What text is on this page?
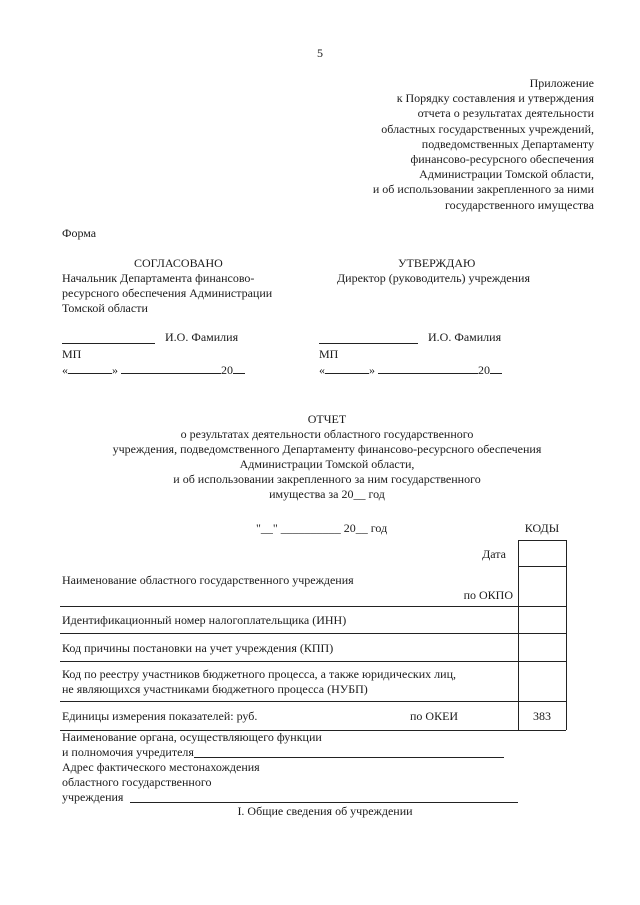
5
Приложение
к Порядку составления и утверждения
отчета о результатах деятельности
областных государственных учреждений,
подведомственных Департаменту
финансово-ресурсного обеспечения
Администрации Томской области,
и об использовании закрепленного за ними
государственного имущества
Форма
СОГЛАСОВАНО
Начальник Департамента финансово-
ресурсного обеспечения Администрации
Томской области
И.О. Фамилия
МП
«	»	20
УТВЕРЖДАЮ
Директор (руководитель) учреждения
И.О. Фамилия
МП
«	»	20
ОТЧЕТ
о результатах деятельности областного государственного
учреждения, подведомственного Департаменту финансово-ресурсного обеспечения
Администрации Томской области,
и об использовании закрепленного за ним государственного
имущества за 20__ год
"__" __________ 20__ год	КОДЫ
Дата
Наименование областного государственного учреждения
по ОКПО
Идентификационный номер налогоплательщика (ИНН)
Код причины постановки на учет учреждения (КПП)
Код по реестру участников бюджетного процесса, а также юридических лиц,
не являющихся участниками бюджетного процесса (НУБП)
Единицы измерения показателей: руб.	по ОКЕИ	383
Наименование органа, осуществляющего функции
и полномочия учредителя
Адрес фактического местонахождения
областного государственного
учреждения
I. Общие сведения об учреждении
